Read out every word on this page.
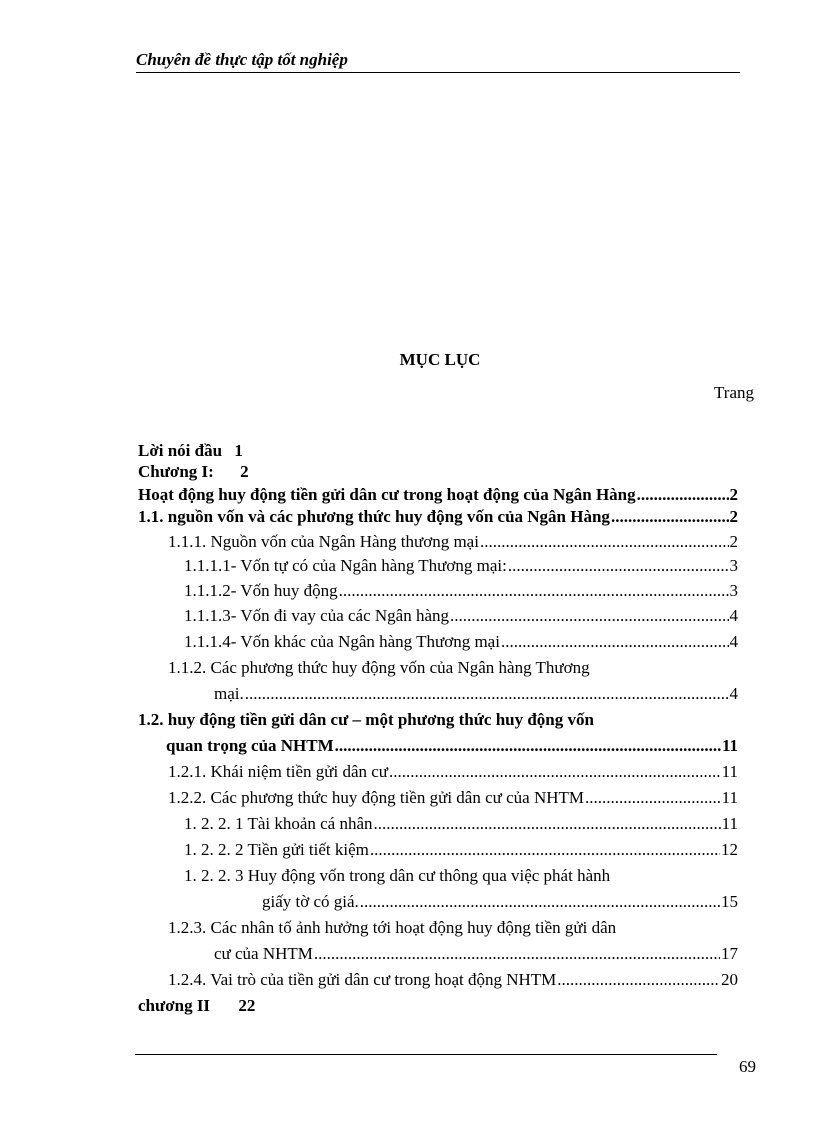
Chuyên đề thực tập tốt nghiệp
MỤC LỤC
Trang
Lời nói đầu 1
Chương I: 2
Hoạt động huy động tiền gửi dân cư trong hoạt động của Ngân Hàng .....	2
1.1. nguồn vốn và các phương thức huy động vốn của Ngân Hàng .....	2
1.1.1. Nguồn vốn của Ngân Hàng thương mại .....	2
1.1.1.1- Vốn tự có của Ngân hàng Thương mại: .....	3
1.1.1.2- Vốn huy động .....	3
1.1.1.3- Vốn đi vay của các Ngân hàng .....	4
1.1.1.4- Vốn khác của Ngân hàng Thương mại .....	4
1.1.2. Các phương thức huy động vốn của Ngân hàng Thương
mại. .....	4
1.2. huy động tiền gửi dân cư – một phương thức huy động vốn
quan trọng của NHTM .....	11
1.2.1. Khái niệm tiền gửi dân cư .....	11
1.2.2. Các phương thức huy động tiền gửi dân cư của NHTM .....	11
1. 2. 2. 1 Tài khoản cá nhân .....	11
1. 2. 2. 2 Tiền gửi tiết kiệm .....	12
1. 2. 2. 3 Huy động vốn trong dân cư thông qua việc phát hành
giấy tờ có giá. .....	15
1.2.3. Các nhân tố ảnh hưởng tới hoạt động huy động tiền gửi dân
cư của NHTM .....	17
1.2.4. Vai trò của tiền gửi dân cư trong hoạt động NHTM .....	20
chương II 22
69
